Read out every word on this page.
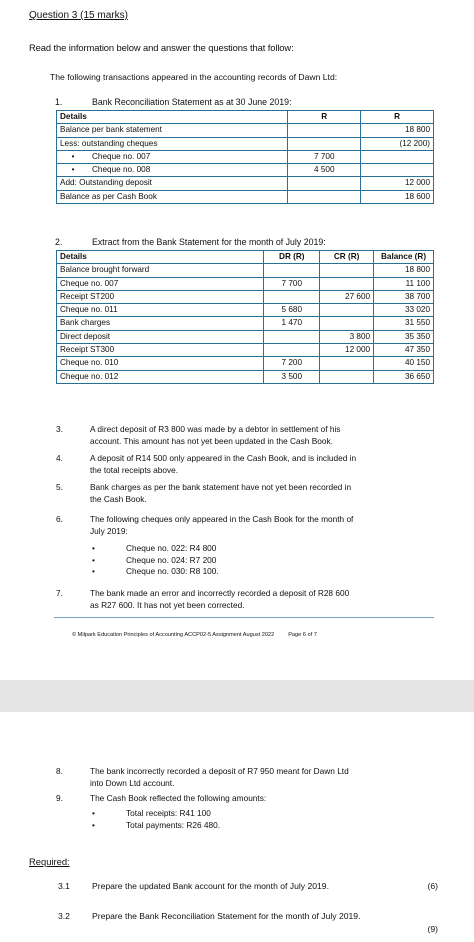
Question 3 (15 marks)
Read the information below and answer the questions that follow:
The following transactions appeared in the accounting records of Dawn Ltd:
1.	Bank Reconciliation Statement as at 30 June 2019:
Details	R	R
Balance per bank statement		18 800
Less: outstanding cheques		(12 200)
• Cheque no. 007	7 700	
• Cheque no. 008	4 500	
Add: Outstanding deposit		12 000
Balance as per Cash Book		18 600
2.	Extract from the Bank Statement for the month of July 2019:
Details	DR (R)	CR (R)	Balance (R)
Balance brought forward			18 800
Cheque no. 007	7 700		11 100
Receipt ST200		27 600	38 700
Cheque no. 011	5 680		33 020
Bank charges	1 470		31 550
Direct deposit		3 800	35 350
Receipt ST300		12 000	47 350
Cheque no. 010	7 200		40 150
Cheque no. 012	3 500		36 650
3.	A direct deposit of R3 800 was made by a debtor in settlement of his
account. This amount has not yet been updated in the Cash Book.
4.	A deposit of R14 500 only appeared in the Cash Book, and is included in
the total receipts above.
5.	Bank charges as per the bank statement have not yet been recorded in
the Cash Book.
6.	The following cheques only appeared in the Cash Book for the month of
July 2019:
•	Cheque no. 022: R4 800
•	Cheque no. 024: R7 200
•	Cheque no. 030: R8 100.
7.	The bank made an error and incorrectly recorded a deposit of R28 600
as R27 600. It has not yet been corrected.
© Milpark Education Principles of Accounting ACCP02-5 Assignment August 2022	Page 6 of 7
8.	The bank incorrectly recorded a deposit of R7 950 meant for Dawn Ltd
into Down Ltd account.
9.	The Cash Book reflected the following amounts:
•	Total receipts: R41 100
•	Total payments: R26 480.
Required:
3.1	Prepare the updated Bank account for the month of July 2019.	(6)
3.2	Prepare the Bank Reconciliation Statement for the month of July 2019.
(9)
